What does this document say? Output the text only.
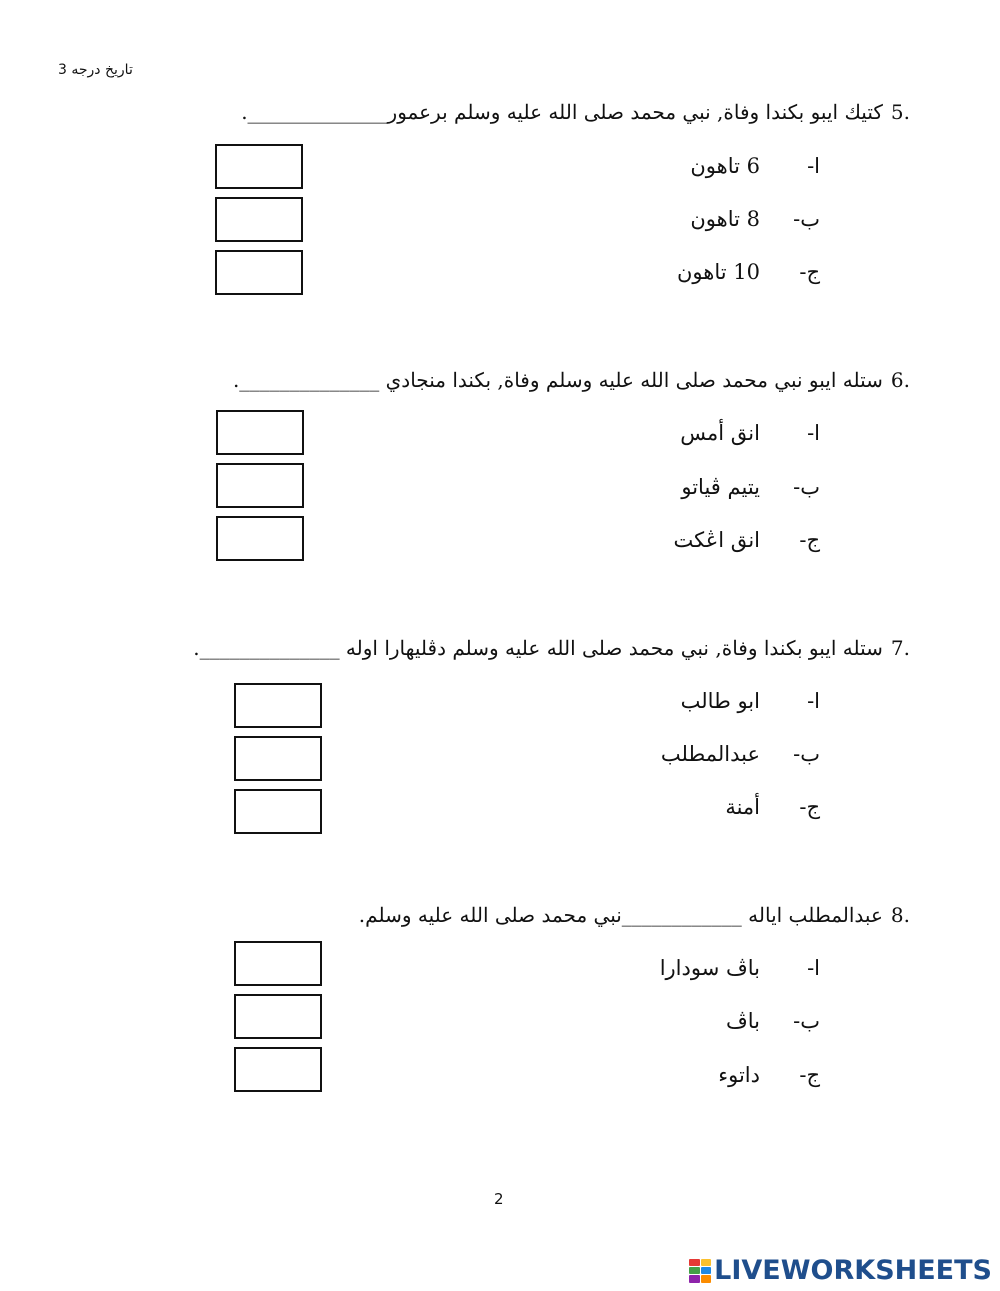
تاريخ درجه 3
5.
كتيك ايبو بكندا وفاة, نبي محمد صلى الله عليه وسلم برعمور______________.
ا-
6 تاهون
ب-
8 تاهون
ج-
10 تاهون
6.
ستله ايبو نبي محمد صلى الله عليه وسلم وفاة, بكندا منجادي ______________.
ا-
انق أمس
ب-
يتيم ڤياتو
ج-
انق اڠكت
7.
ستله ايبو بكندا وفاة, نبي محمد صلى الله عليه وسلم دڤليهارا اوله ______________.
ا-
ابو طالب
ب-
عبدالمطلب
ج-
أمنة
8.
عبدالمطلب اياله ____________نبي محمد صلى الله عليه وسلم.
ا-
باڤ سودارا
ب-
باڤ
ج-
داتوء
2
LIVEWORKSHEETS
